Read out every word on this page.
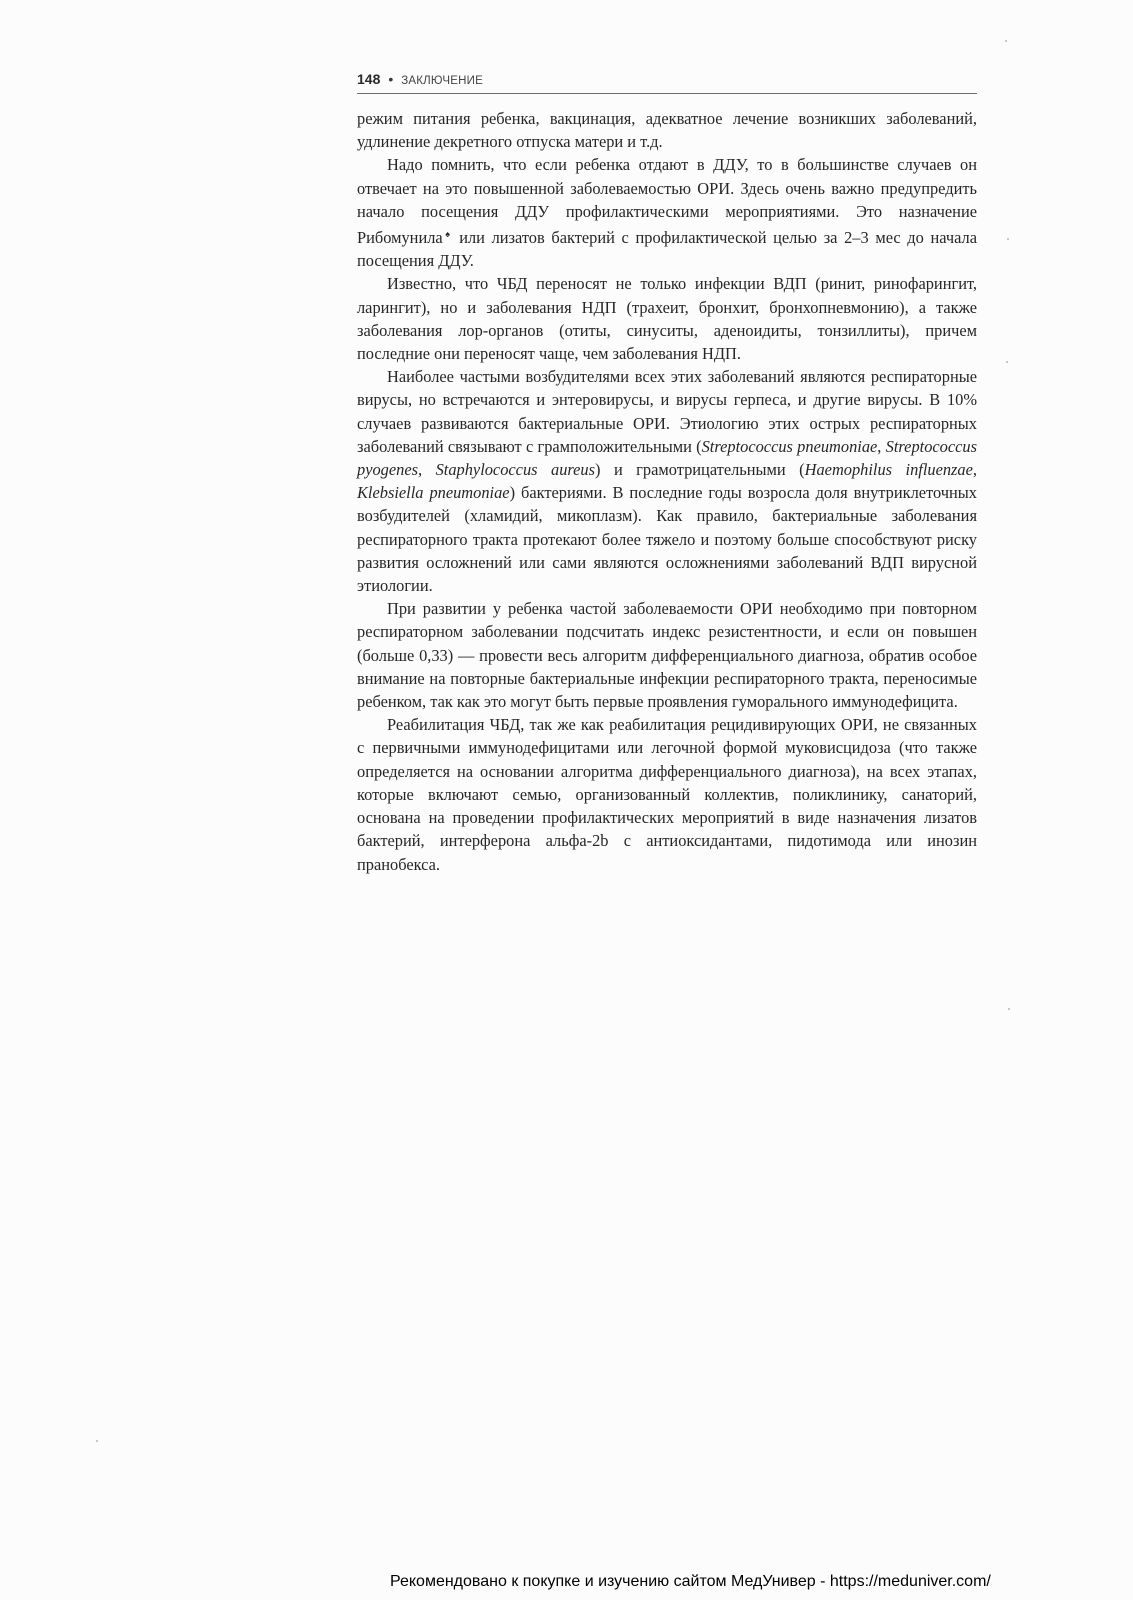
148 • ЗАКЛЮЧЕНИЕ

режим питания ребенка, вакцинация, адекватное лечение возникших заболеваний, удлинение декретного отпуска матери и т.д.

Надо помнить, что если ребенка отдают в ДДУ, то в большинстве случаев он отвечает на это повышенной заболеваемостью ОРИ. Здесь очень важно предупредить начало посещения ДДУ профилактическими мероприятиями. Это назначение Рибомунила♠ или лизатов бактерий с профилактической целью за 2–3 мес до начала посещения ДДУ.

Известно, что ЧБД переносят не только инфекции ВДП (ринит, ринофарингит, ларингит), но и заболевания НДП (трахеит, бронхит, бронхопневмонию), а также заболевания лор-органов (отиты, синуситы, аденоидиты, тонзиллиты), причем последние они переносят чаще, чем заболевания НДП.

Наиболее частыми возбудителями всех этих заболеваний являются респираторные вирусы, но встречаются и энтеровирусы, и вирусы герпеса, и другие вирусы. В 10% случаев развиваются бактериальные ОРИ. Этиологию этих острых респираторных заболеваний связывают с грамположительными (Streptococcus pneumoniae, Streptococcus pyogenes, Staphylococcus aureus) и грамотрицательными (Haemophilus influenzae, Klebsiella pneumoniae) бактериями. В последние годы возросла доля внутриклеточных возбудителей (хламидий, микоплазм). Как правило, бактериальные заболевания респираторного тракта протекают более тяжело и поэтому больше способствуют риску развития осложнений или сами являются осложнениями заболеваний ВДП вирусной этиологии.

При развитии у ребенка частой заболеваемости ОРИ необходимо при повторном респираторном заболевании подсчитать индекс резистентности, и если он повышен (больше 0,33) — провести весь алгоритм дифференциального диагноза, обратив особое внимание на повторные бактериальные инфекции респираторного тракта, переносимые ребенком, так как это могут быть первые проявления гуморального иммунодефицита.

Реабилитация ЧБД, так же как реабилитация рецидивирующих ОРИ, не связанных с первичными иммунодефицитами или легочной формой муковисцидоза (что также определяется на основании алгоритма дифференциального диагноза), на всех этапах, которые включают семью, организованный коллектив, поликлинику, санаторий, основана на проведении профилактических мероприятий в виде назначения лизатов бактерий, интерферона альфа-2b с антиоксидантами, пидотимода или инозин пранобекса.

Рекомендовано к покупке и изучению сайтом МедУнивер - https://meduniver.com/
